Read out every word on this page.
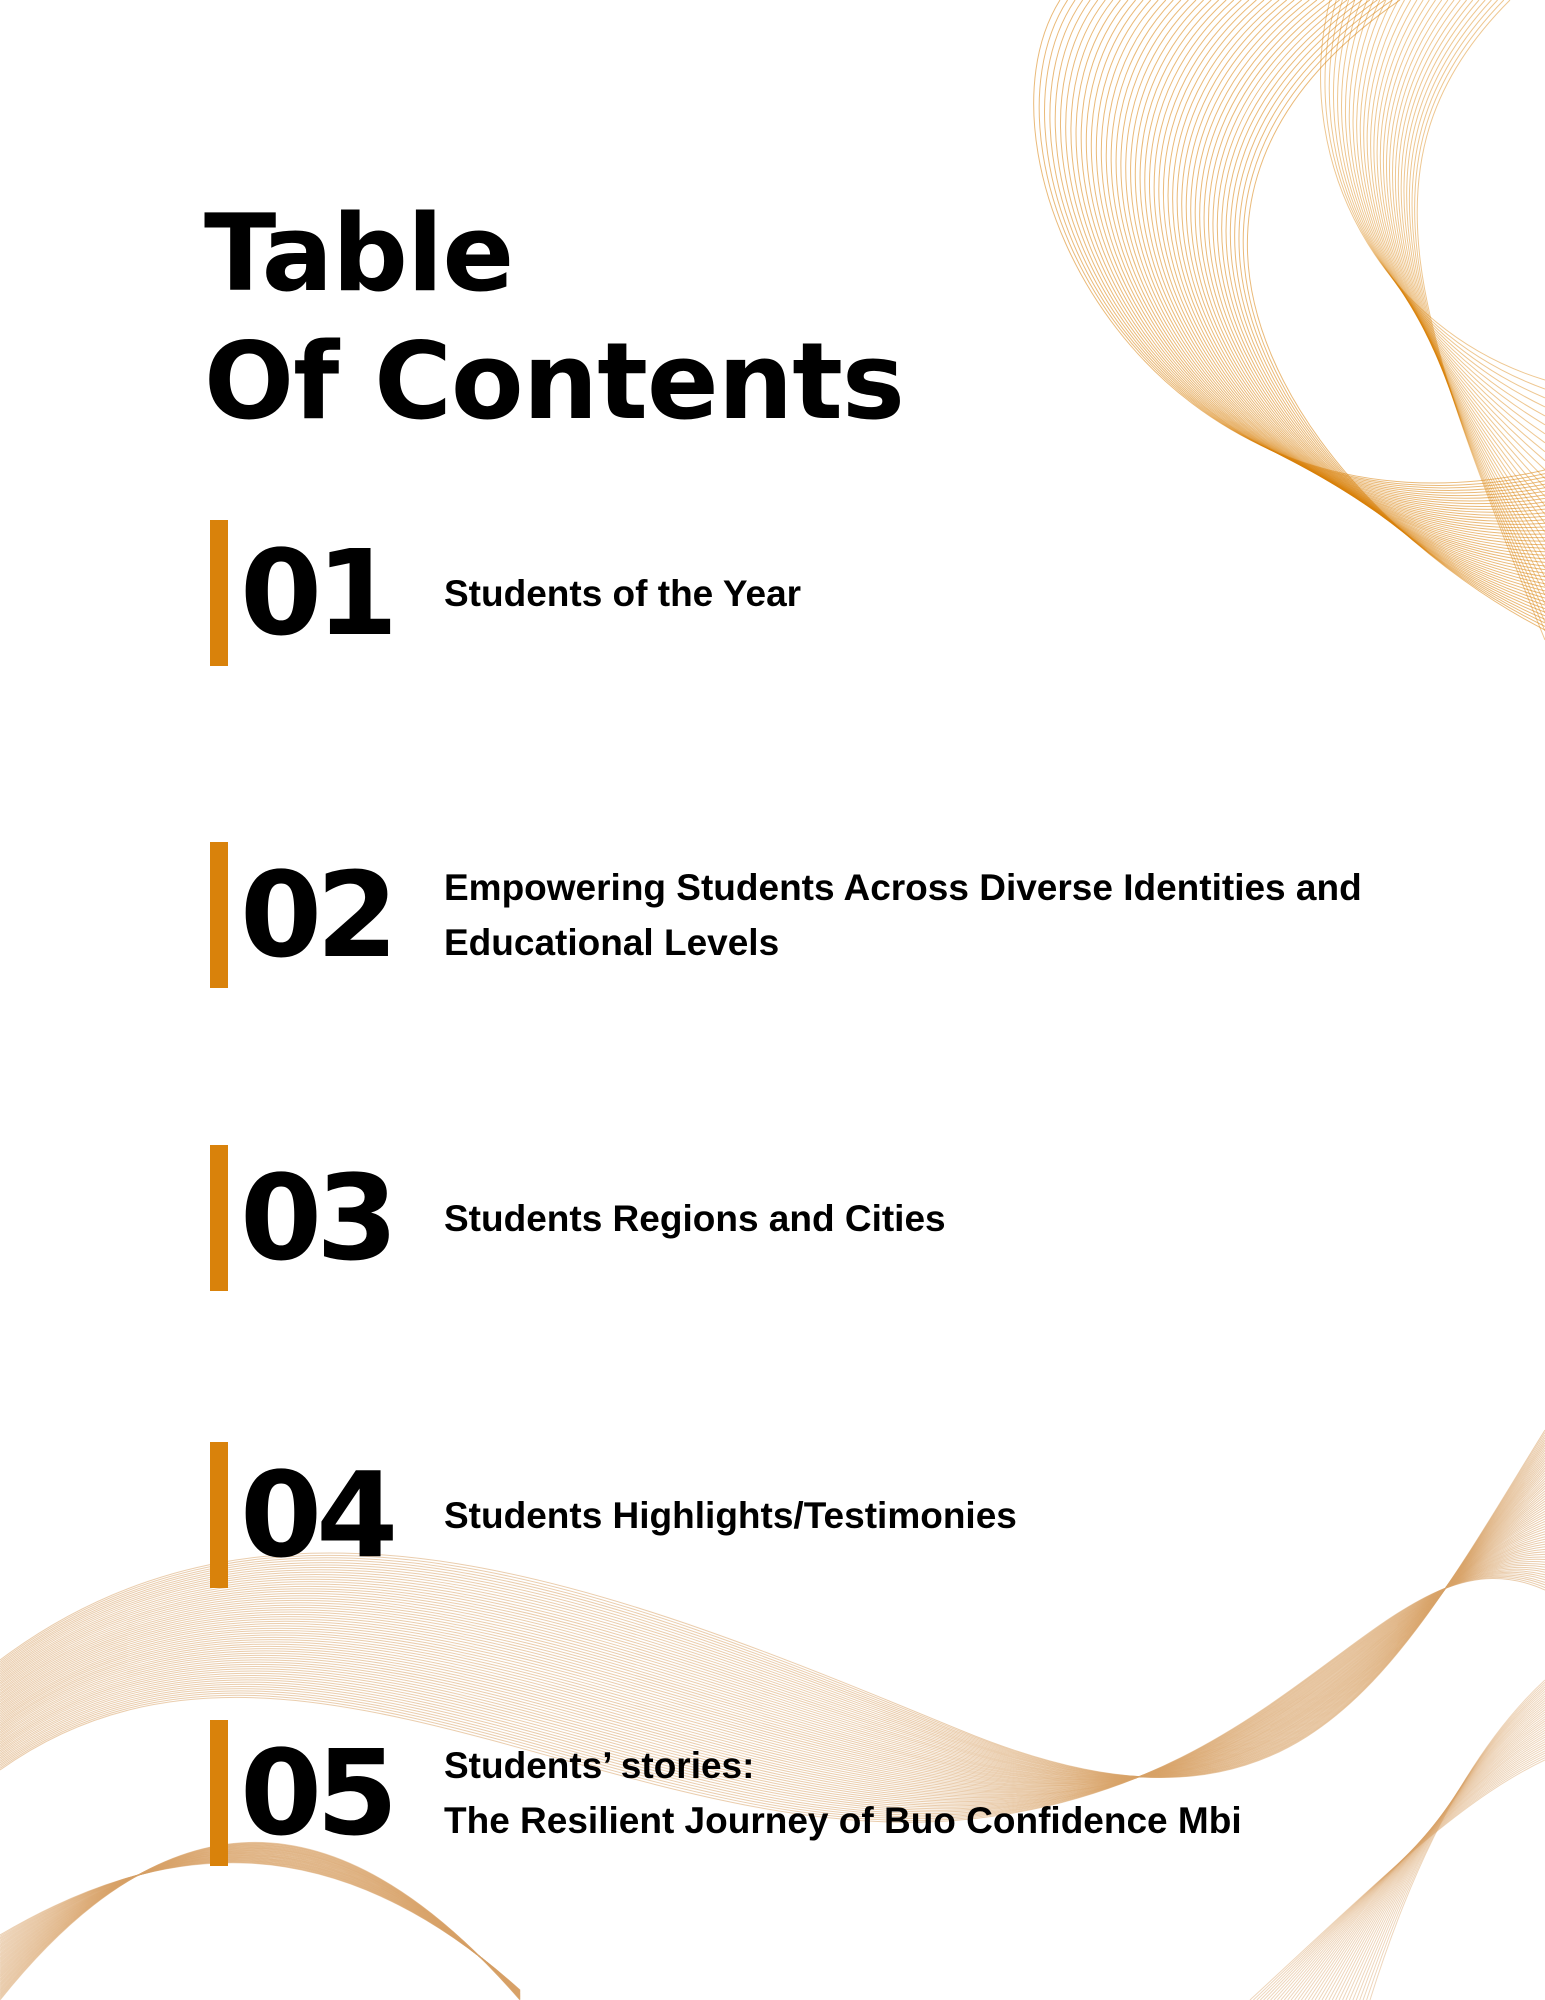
Table
Of Contents
01 Students of the Year
02 Empowering Students Across Diverse Identities and
Educational Levels
03 Students Regions and Cities
04 Students Highlights/Testimonies
05 Students’ stories:
The Resilient Journey of Buo Confidence Mbi
